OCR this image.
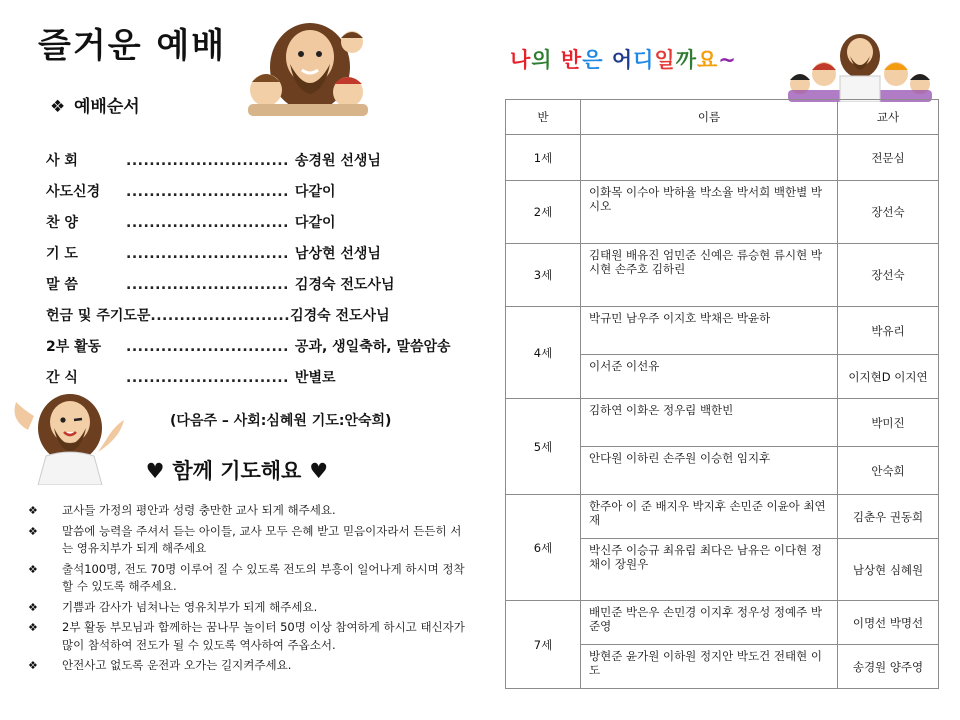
즐거운 예배
❖ 예배순서
사 회	............................ 송경원 선생님
사도신경 ............................ 다같이
찬 양	............................ 다같이
기 도	............................ 남상현 선생님
말 씀	............................ 김경숙 전도사님
헌금 및 주기도문........................김경숙 전도사님
2부 활동 ............................ 공과, 생일축하, 말씀암송
간 식	............................ 반별로
(다음주 – 사회:심혜원 기도:안숙희)
♥ 함께 기도해요 ♥
❖ 교사들 가정의 평안과 성령 충만한 교사 되게 해주세요.
❖ 말씀에 능력을 주셔서 듣는 아이들, 교사 모두 은혜 받고 믿음이자라서 든든히 서는 영유치부가 되게 해주세요
❖ 출석100명, 전도 70명 이루어 질 수 있도록 전도의 부흥이 일어나게 하시며 정착할 수 있도록 해주세요.
❖ 기쁨과 감사가 넘쳐나는 영유치부가 되게 해주세요.
❖ 2부 활동 부모님과 함께하는 꿈나무 놀이터 50명 이상 참여하게 하시고 태신자가 많이 참석하여 전도가 될 수 있도록 역사하여 주옵소서.
❖ 안전사고 없도록 운전과 오가는 길지켜주세요.
나의 반은 어디일까요~
반	이름	교사
1세		전문심
2세	이화목 이수아 박하율 박소율 박서희 백한별 박시오	장선숙
3세	김태원 배유진 엄민준 신예은 류승현 류시현 박시현 손주호 김하린	장선숙
4세	박규민 남우주 이지호 박채은 박윤하	박유리
	이서준 이선유	이지현D 이지연
5세	김하연 이화온 정우림 백한빈	박미진
	안다원 이하린 손주원 이승헌 임지후	안숙희
6세	한주아 이 준 배지우 박지후 손민준 이윤아 최연재	김춘우 권동희
	박신주 이승규 최유림 최다은 남유은 이다현 정채이 장원우	남상현 심혜원
7세	배민준 박은우 손민경 이지후 정우성 정예주 박준영	이명선 박명선
	방현준 윤가원 이하원 정지안 박도건 전태현 이 도	송경원 양주영
